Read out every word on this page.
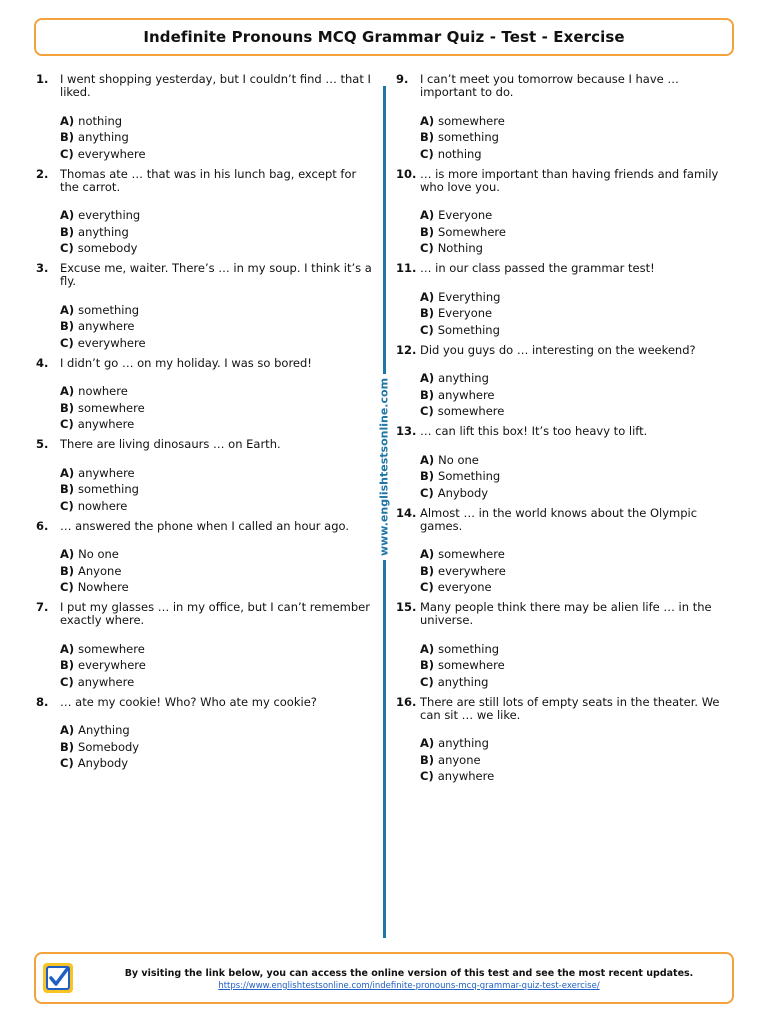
Indefinite Pronouns MCQ Grammar Quiz - Test - Exercise
www.englishtestsonline.com
1.	I went shopping yesterday, but I couldn’t find … that I liked.
A) nothing
B) anything
C) everywhere
2.	Thomas ate … that was in his lunch bag, except for the carrot.
A) everything
B) anything
C) somebody
3.	Excuse me, waiter. There’s … in my soup. I think it’s a fly.
A) something
B) anywhere
C) everywhere
4.	I didn’t go … on my holiday. I was so bored!
A) nowhere
B) somewhere
C) anywhere
5.	There are living dinosaurs … on Earth.
A) anywhere
B) something
C) nowhere
6.	… answered the phone when I called an hour ago.
A) No one
B) Anyone
C) Nowhere
7.	I put my glasses … in my office, but I can’t remember exactly where.
A) somewhere
B) everywhere
C) anywhere
8.	… ate my cookie! Who? Who ate my cookie?
A) Anything
B) Somebody
C) Anybody
9.	I can’t meet you tomorrow because I have … important to do.
A) somewhere
B) something
C) nothing
10. … is more important than having friends and family who love you.
A) Everyone
B) Somewhere
C) Nothing
11. … in our class passed the grammar test!
A) Everything
B) Everyone
C) Something
12. Did you guys do … interesting on the weekend?
A) anything
B) anywhere
C) somewhere
13. … can lift this box! It’s too heavy to lift.
A) No one
B) Something
C) Anybody
14. Almost … in the world knows about the Olympic games.
A) somewhere
B) everywhere
C) everyone
15. Many people think there may be alien life … in the universe.
A) something
B) somewhere
C) anything
16. There are still lots of empty seats in the theater. We can sit … we like.
A) anything
B) anyone
C) anywhere
By visiting the link below, you can access the online version of this test and see the most recent updates.
https://www.englishtestsonline.com/indefinite-pronouns-mcq-grammar-quiz-test-exercise/
